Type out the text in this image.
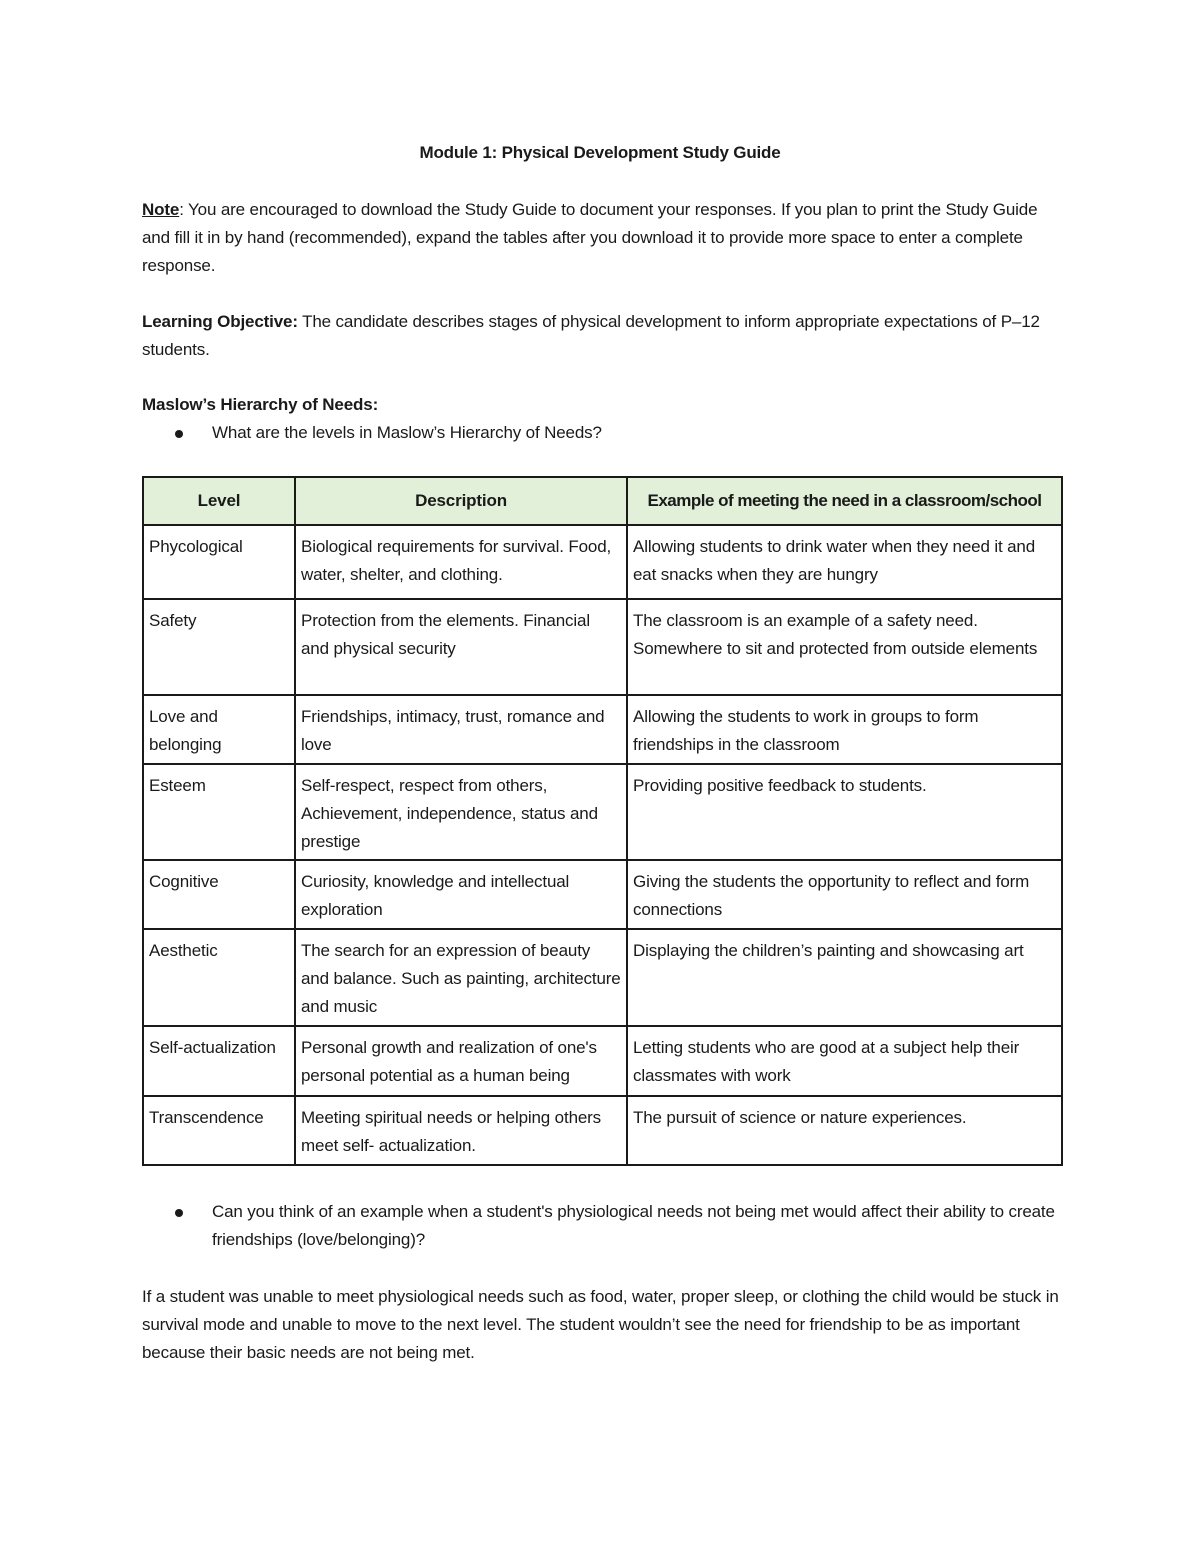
Module 1: Physical Development Study Guide
Note: You are encouraged to download the Study Guide to document your responses. If you plan to print the Study Guide and fill it in by hand (recommended), expand the tables after you download it to provide more space to enter a complete response.
Learning Objective: The candidate describes stages of physical development to inform appropriate expectations of P–12 students.
Maslow’s Hierarchy of Needs:
What are the levels in Maslow’s Hierarchy of Needs?
Level	Description	Example of meeting the need in a classroom/school
Phycological	Biological requirements for survival. Food, water, shelter, and clothing.	Allowing students to drink water when they need it and eat snacks when they are hungry
Safety	Protection from the elements. Financial and physical security	The classroom is an example of a safety need. Somewhere to sit and protected from outside elements
Love and belonging	Friendships, intimacy, trust, romance and love	Allowing the students to work in groups to form friendships in the classroom
Esteem	Self-respect, respect from others, Achievement, independence, status and prestige	Providing positive feedback to students.
Cognitive	Curiosity, knowledge and intellectual exploration	Giving the students the opportunity to reflect and form connections
Aesthetic	The search for an expression of beauty and balance. Such as painting, architecture and music	Displaying the children’s painting and showcasing art
Self-actualization	Personal growth and realization of one's personal potential as a human being	Letting students who are good at a subject help their classmates with work
Transcendence	Meeting spiritual needs or helping others meet self- actualization.	The pursuit of science or nature experiences.
Can you think of an example when a student's physiological needs not being met would affect their ability to create friendships (love/belonging)?
If a student was unable to meet physiological needs such as food, water, proper sleep, or clothing the child would be stuck in survival mode and unable to move to the next level. The student wouldn’t see the need for friendship to be as important because their basic needs are not being met.
